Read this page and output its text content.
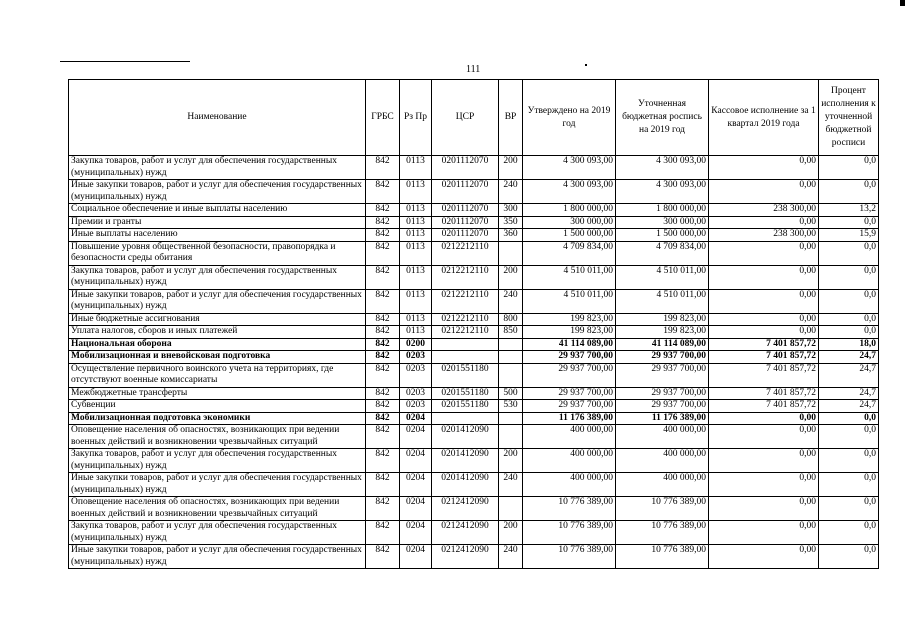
111
Наименование	ГРБС	Рз Пр	ЦСР	ВР	Утверждено на 2019 год	Уточненная бюджетная роспись на 2019 год	Кассовое исполнение за 1 квартал 2019 года	Процент исполнения к уточненной бюджетной росписи
Закупка товаров, работ и услуг для обеспечения государственных (муниципальных) нужд	842	0113	0201112070	200	4 300 093,00	4 300 093,00	0,00	0,0
Иные закупки товаров, работ и услуг для обеспечения государственных (муниципальных) нужд	842	0113	0201112070	240	4 300 093,00	4 300 093,00	0,00	0,0
Социальное обеспечение и иные выплаты населению	842	0113	0201112070	300	1 800 000,00	1 800 000,00	238 300,00	13,2
Премии и гранты	842	0113	0201112070	350	300 000,00	300 000,00	0,00	0,0
Иные выплаты населению	842	0113	0201112070	360	1 500 000,00	1 500 000,00	238 300,00	15,9
Повышение уровня общественной безопасности, правопорядка и безопасности среды обитания	842	0113	0212212110		4 709 834,00	4 709 834,00	0,00	0,0
Закупка товаров, работ и услуг для обеспечения государственных (муниципальных) нужд	842	0113	0212212110	200	4 510 011,00	4 510 011,00	0,00	0,0
Иные закупки товаров, работ и услуг для обеспечения государственных (муниципальных) нужд	842	0113	0212212110	240	4 510 011,00	4 510 011,00	0,00	0,0
Иные бюджетные ассигнования	842	0113	0212212110	800	199 823,00	199 823,00	0,00	0,0
Уплата налогов, сборов и иных платежей	842	0113	0212212110	850	199 823,00	199 823,00	0,00	0,0
Национальная оборона	842	0200			41 114 089,00	41 114 089,00	7 401 857,72	18,0
Мобилизационная и вневойсковая подготовка	842	0203			29 937 700,00	29 937 700,00	7 401 857,72	24,7
Осуществление первичного воинского учета на территориях, где отсутствуют военные комиссариаты	842	0203	0201551180		29 937 700,00	29 937 700,00	7 401 857,72	24,7
Межбюджетные трансферты	842	0203	0201551180	500	29 937 700,00	29 937 700,00	7 401 857,72	24,7
Субвенции	842	0203	0201551180	530	29 937 700,00	29 937 700,00	7 401 857,72	24,7
Мобилизационная подготовка экономики	842	0204			11 176 389,00	11 176 389,00	0,00	0,0
Оповещение населения об опасностях, возникающих при ведении военных действий и возникновении чрезвычайных ситуаций	842	0204	0201412090		400 000,00	400 000,00	0,00	0,0
Закупка товаров, работ и услуг для обеспечения государственных (муниципальных) нужд	842	0204	0201412090	200	400 000,00	400 000,00	0,00	0,0
Иные закупки товаров, работ и услуг для обеспечения государственных (муниципальных) нужд	842	0204	0201412090	240	400 000,00	400 000,00	0,00	0,0
Оповещение населения об опасностях, возникающих при ведении военных действий и возникновении чрезвычайных ситуаций	842	0204	0212412090		10 776 389,00	10 776 389,00	0,00	0,0
Закупка товаров, работ и услуг для обеспечения государственных (муниципальных) нужд	842	0204	0212412090	200	10 776 389,00	10 776 389,00	0,00	0,0
Иные закупки товаров, работ и услуг для обеспечения государственных (муниципальных) нужд	842	0204	0212412090	240	10 776 389,00	10 776 389,00	0,00	0,0
